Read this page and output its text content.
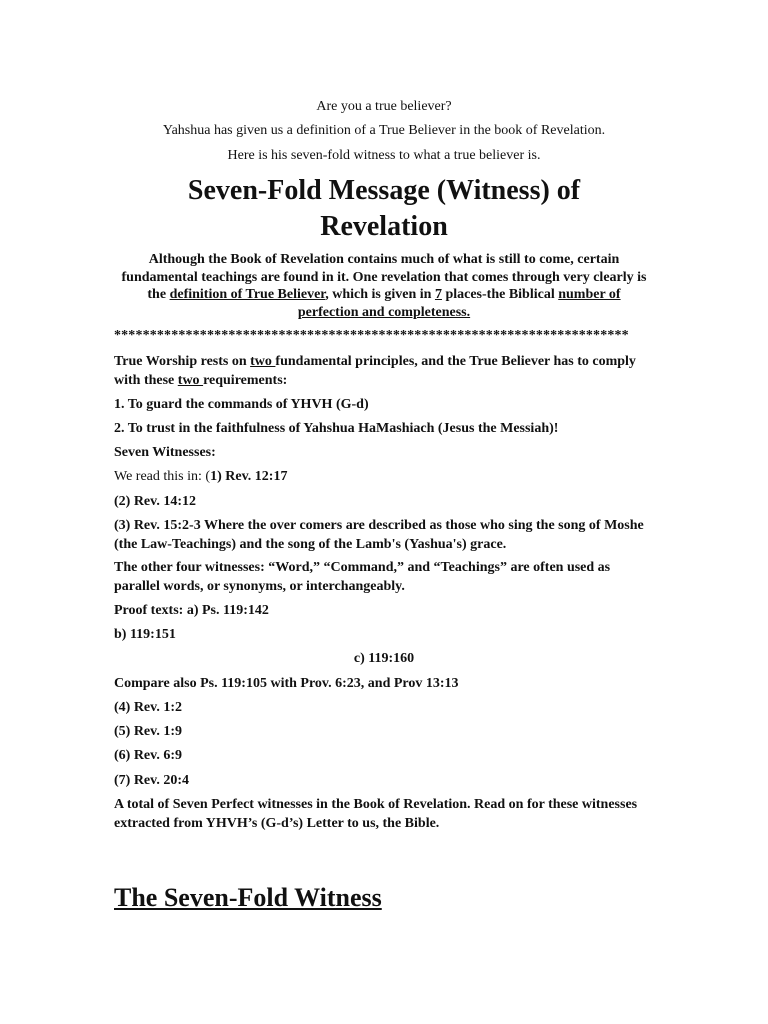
Are you a true believer?
Yahshua has given us a definition of a True Believer in the book of Revelation.
Here is his seven-fold witness to what a true believer is.
Seven-Fold Message (Witness) of
Revelation
Although the Book of Revelation contains much of what is still to come, certain fundamental teachings are found in it. One revelation that comes through very clearly is the definition of True Believer, which is given in 7 places-the Biblical number of perfection and completeness.
************************************************************************
True Worship rests on two fundamental principles, and the True Believer has to comply with these two requirements:
1. To guard the commands of YHVH (G-d)
2. To trust in the faithfulness of Yahshua HaMashiach (Jesus the Messiah)!
Seven Witnesses:
We read this in: (1) Rev. 12:17
(2) Rev. 14:12
(3) Rev. 15:2-3 Where the over comers are described as those who sing the song of Moshe (the Law-Teachings) and the song of the Lamb's (Yashua's) grace.
The other four witnesses: “Word,” “Command,” and “Teachings” are often used as parallel words, or synonyms, or interchangeably.
Proof texts: a) Ps. 119:142
b) 119:151
c) 119:160
Compare also Ps. 119:105 with Prov. 6:23, and Prov 13:13
(4) Rev. 1:2
(5) Rev. 1:9
(6) Rev. 6:9
(7) Rev. 20:4
A total of Seven Perfect witnesses in the Book of Revelation. Read on for these witnesses extracted from YHVH’s (G-d’s) Letter to us, the Bible.
The Seven-Fold Witness
